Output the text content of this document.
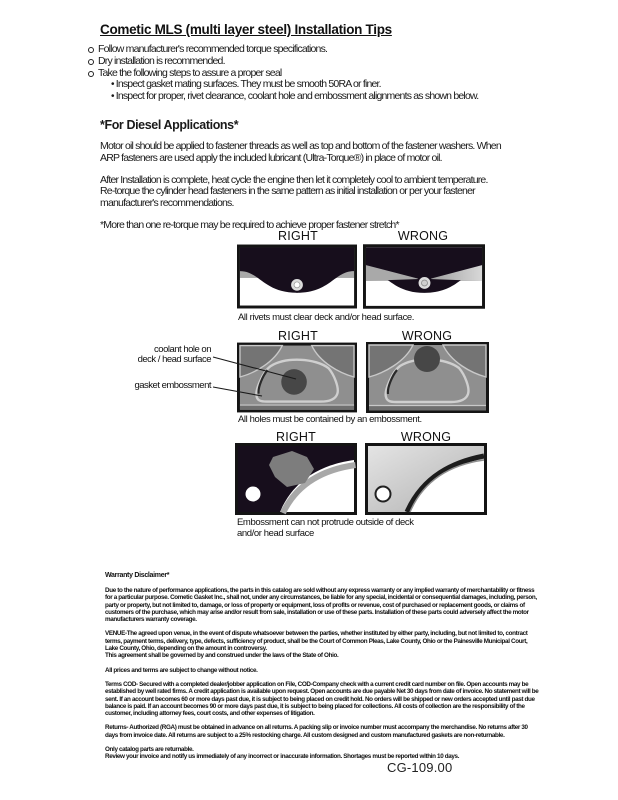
Cometic MLS (multi layer steel) Installation Tips
Follow manufacturer's recommended torque specifications.
Dry installation is recommended.
Take the following steps to assure a proper seal
• Inspect gasket mating surfaces. They must be smooth 50RA or finer.
• Inspect for proper, rivet clearance, coolant hole and embossment alignments as shown below.
*For Diesel Applications*

Motor oil should be applied to fastener threads as well as top and bottom of the fastener washers. When ARP fasteners are used apply the included lubricant (Ultra-Torque®) in place of motor oil.

After Installation is complete, heat cycle the engine then let it completely cool to ambient temperature. Re-torque the cylinder head fasteners in the same pattern as initial installation or per your fastener manufacturer's recommendations.

*More than one re-torque may be required to achieve proper fastener stretch*

RIGHT	WRONG
All rivets must clear deck and/or head surface.
RIGHT	WRONG
coolant hole on
deck / head surface
gasket embossment
All holes must be contained by an embossment.
RIGHT	WRONG
Embossment can not protrude outside of deck
and/or head surface
Warranty Disclaimer*

Due to the nature of performance applications, the parts in this catalog are sold without any express warranty or any implied warranty of merchantability or fitness for a particular purpose. Cometic Gasket Inc., shall not, under any circumstances, be liable for any special, incidental or consequential damages, including, person, party or property, but not limited to, damage, or loss of property or equipment, loss of profits or revenue, cost of purchased or replacement goods, or claims of customers of the purchase, which may arise and/or result from sale, installation or use of these parts. Installation of these parts could adversely affect the motor manufacturers warranty coverage.

VENUE-The agreed upon venue, in the event of dispute whatsoever between the parties, whether instituted by either party, including, but not limited to, contract terms, payment terms, delivery, type, defects, sufficiency of product, shall be the Court of Common Pleas, Lake County, Ohio or the Painesville Municipal Court, Lake County, Ohio, depending on the amount in controversy.
This agreement shall be governed by and construed under the laws of the State of Ohio.

All prices and terms are subject to change without notice.

Terms COD- Secured with a completed dealer/jobber application on File, COD-Company check with a current credit card number on file. Open accounts may be established by well rated firms. A credit application is available upon request. Open accounts are due payable Net 30 days from date of invoice. No statement will be sent. If an account becomes 60 or more days past due, it is subject to being placed on credit hold. No orders will be shipped or new orders accepted until past due balance is paid. If an account becomes 90 or more days past due, it is subject to being placed for collections. All costs of collection are the responsibility of the customer, including attorney fees, court costs, and other expenses of litigation.

Returns- Authorized (RGA) must be obtained in advance on all returns. A packing slip or invoice number must accompany the merchandise. No returns after 30 days from invoice date. All returns are subject to a 25% restocking charge. All custom designed and custom manufactured gaskets are non-returnable.

Only catalog parts are returnable.
Review your invoice and notify us immediately of any incorrect or inaccurate information. Shortages must be reported within 10 days.

CG-109.00
